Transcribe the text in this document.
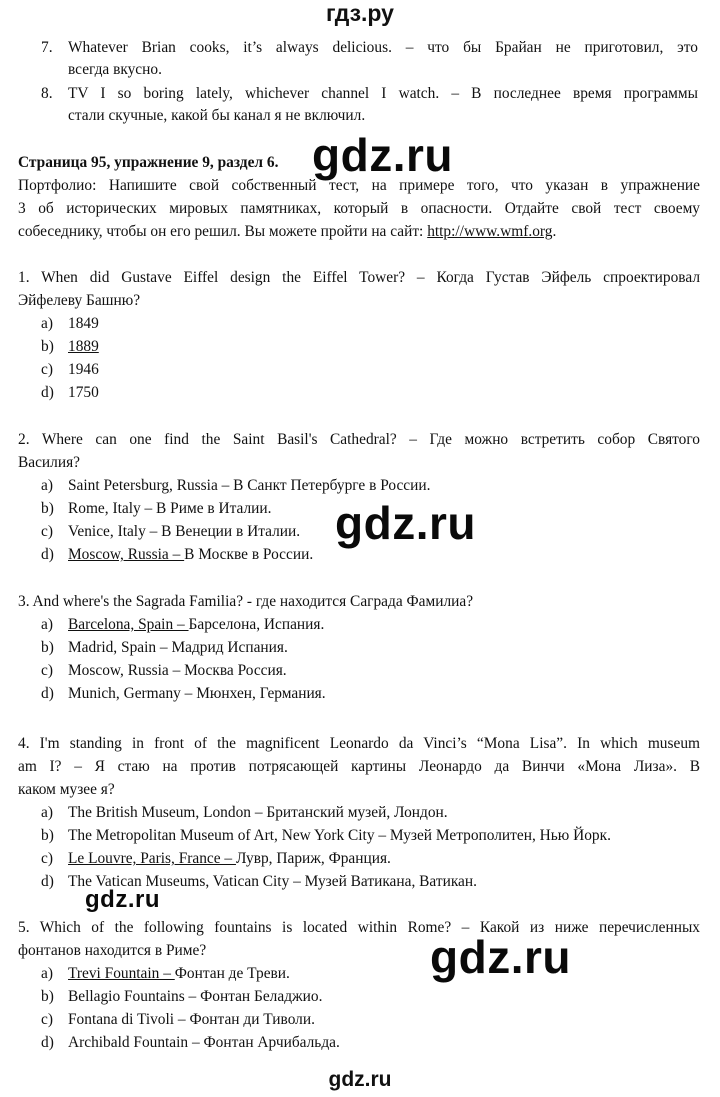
гдз.ру
7. Whatever Brian cooks, it’s always delicious. – что бы Брайан не приготовил, это
всегда вкусно.
8. TV I so boring lately, whichever channel I watch. – В последнее время программы
стали скучные, какой бы канал я не включил.
Страница 95, упражнение 9, раздел 6.
Портфолио: Напишите свой собственный тест, на примере того, что указан в упражнение
3 об исторических мировых памятниках, который в опасности. Отдайте свой тест своему
собеседнику, чтобы он его решил. Вы можете пройти на сайт: http://www.wmf.org.
1. When did Gustave Eiffel design the Eiffel Tower? – Когда Густав Эйфель спроектировал
Эйфелеву Башню?
a) 1849
b) 1889
c) 1946
d) 1750
2. Where can one find the Saint Basil's Cathedral? – Где можно встретить собор Святого
Василия?
a) Saint Petersburg, Russia – В Санкт Петербурге в России.
b) Rome, Italy – В Риме в Италии.
c) Venice, Italy – В Венеции в Италии.
d) Moscow, Russia – В Москве в России.
3. And where's the Sagrada Familia? - где находится Саграда Фамилиа?
a) Barcelona, Spain – Барселона, Испания.
b) Madrid, Spain – Мадрид Испания.
c) Moscow, Russia – Москва Россия.
d) Munich, Germany – Мюнхен, Германия.
4. I'm standing in front of the magnificent Leonardo da Vinci’s “Mona Lisa”. In which museum
am I? – Я стаю на против потрясающей картины Леонардо да Винчи «Мона Лиза». В
каком музее я?
a) The British Museum, London – Британский музей, Лондон.
b) The Metropolitan Museum of Art, New York City – Музей Метрополитен, Нью Йорк.
c) Le Louvre, Paris, France – Лувр, Париж, Франция.
d) The Vatican Museums, Vatican City – Музей Ватикана, Ватикан.
5. Which of the following fountains is located within Rome? – Какой из ниже перечисленных
фонтанов находится в Риме?
a) Trevi Fountain – Фонтан де Треви.
b) Bellagio Fountains – Фонтан Беладжио.
c) Fontana di Tivoli – Фонтан ди Тиволи.
d) Archibald Fountain – Фонтан Арчибальда.
gdz.ru
gdz.ru
gdz.ru
gdz.ru
gdz.ru
